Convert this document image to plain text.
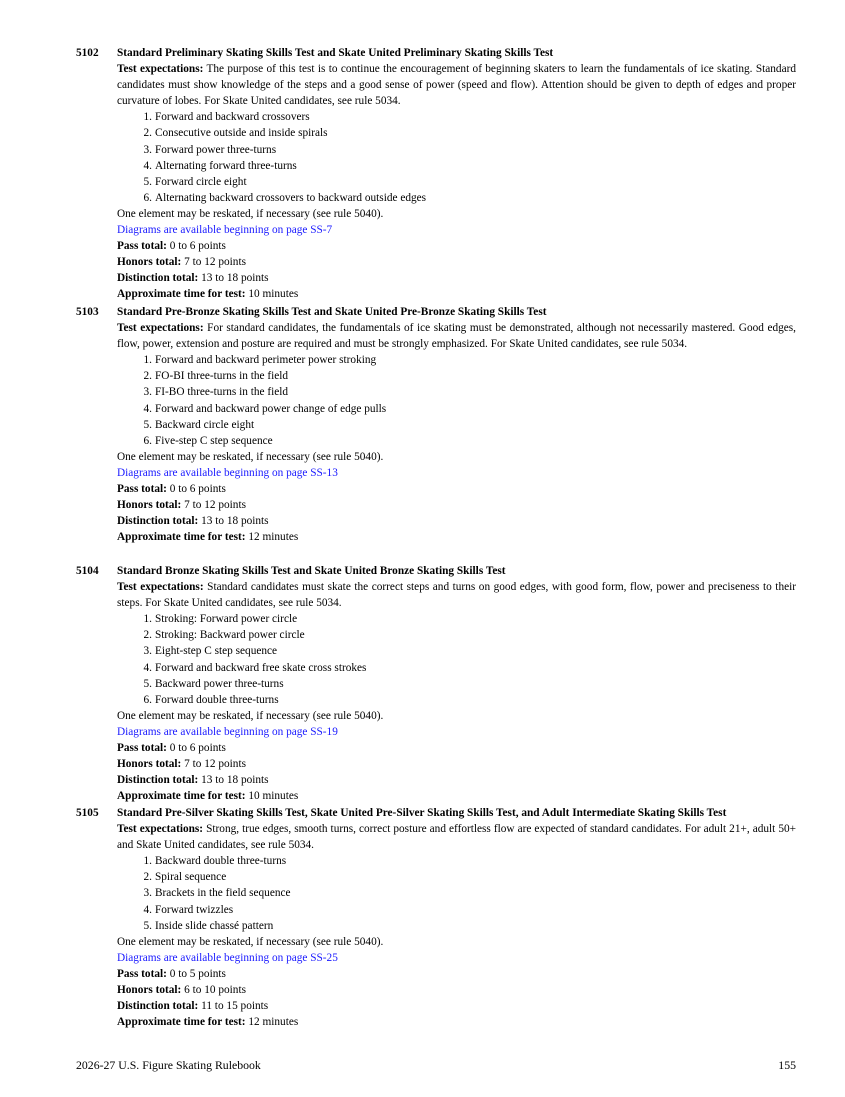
5102	Standard Preliminary Skating Skills Test and Skate United Preliminary Skating Skills Test
Test expectations: The purpose of this test is to continue the encouragement of beginning skaters to learn the fundamentals of ice skating. Standard candidates must show knowledge of the steps and a good sense of power (speed and flow). Attention should be given to depth of edges and proper curvature of lobes. For Skate United candidates, see rule 5034.
1. Forward and backward crossovers
2. Consecutive outside and inside spirals
3. Forward power three-turns
4. Alternating forward three-turns
5. Forward circle eight
6. Alternating backward crossovers to backward outside edges
One element may be reskated, if necessary (see rule 5040).
Diagrams are available beginning on page SS-7
Pass total: 0 to 6 points
Honors total: 7 to 12 points
Distinction total: 13 to 18 points
Approximate time for test: 10 minutes
5103	Standard Pre-Bronze Skating Skills Test and Skate United Pre-Bronze Skating Skills Test
Test expectations: For standard candidates, the fundamentals of ice skating must be demonstrated, although not necessarily mastered. Good edges, flow, power, extension and posture are required and must be strongly emphasized. For Skate United candidates, see rule 5034.
1. Forward and backward perimeter power stroking
2. FO-BI three-turns in the field
3. FI-BO three-turns in the field
4. Forward and backward power change of edge pulls
5. Backward circle eight
6. Five-step C step sequence
One element may be reskated, if necessary (see rule 5040).
Diagrams are available beginning on page SS-13
Pass total: 0 to 6 points
Honors total: 7 to 12 points
Distinction total: 13 to 18 points
Approximate time for test: 12 minutes
5104	Standard Bronze Skating Skills Test and Skate United Bronze Skating Skills Test
Test expectations: Standard candidates must skate the correct steps and turns on good edges, with good form, flow, power and preciseness to their steps. For Skate United candidates, see rule 5034.
1. Stroking: Forward power circle
2. Stroking: Backward power circle
3. Eight-step C step sequence
4. Forward and backward free skate cross strokes
5. Backward power three-turns
6. Forward double three-turns
One element may be reskated, if necessary (see rule 5040).
Diagrams are available beginning on page SS-19
Pass total: 0 to 6 points
Honors total: 7 to 12 points
Distinction total: 13 to 18 points
Approximate time for test: 10 minutes
5105	Standard Pre-Silver Skating Skills Test, Skate United Pre-Silver Skating Skills Test, and Adult Intermediate Skating Skills Test
Test expectations: Strong, true edges, smooth turns, correct posture and effortless flow are expected of standard candidates. For adult 21+, adult 50+ and Skate United candidates, see rule 5034.
1. Backward double three-turns
2. Spiral sequence
3. Brackets in the field sequence
4. Forward twizzles
5. Inside slide chassé pattern
One element may be reskated, if necessary (see rule 5040).
Diagrams are available beginning on page SS-25
Pass total: 0 to 5 points
Honors total: 6 to 10 points
Distinction total: 11 to 15 points
Approximate time for test: 12 minutes
2026-27 U.S. Figure Skating Rulebook	155
